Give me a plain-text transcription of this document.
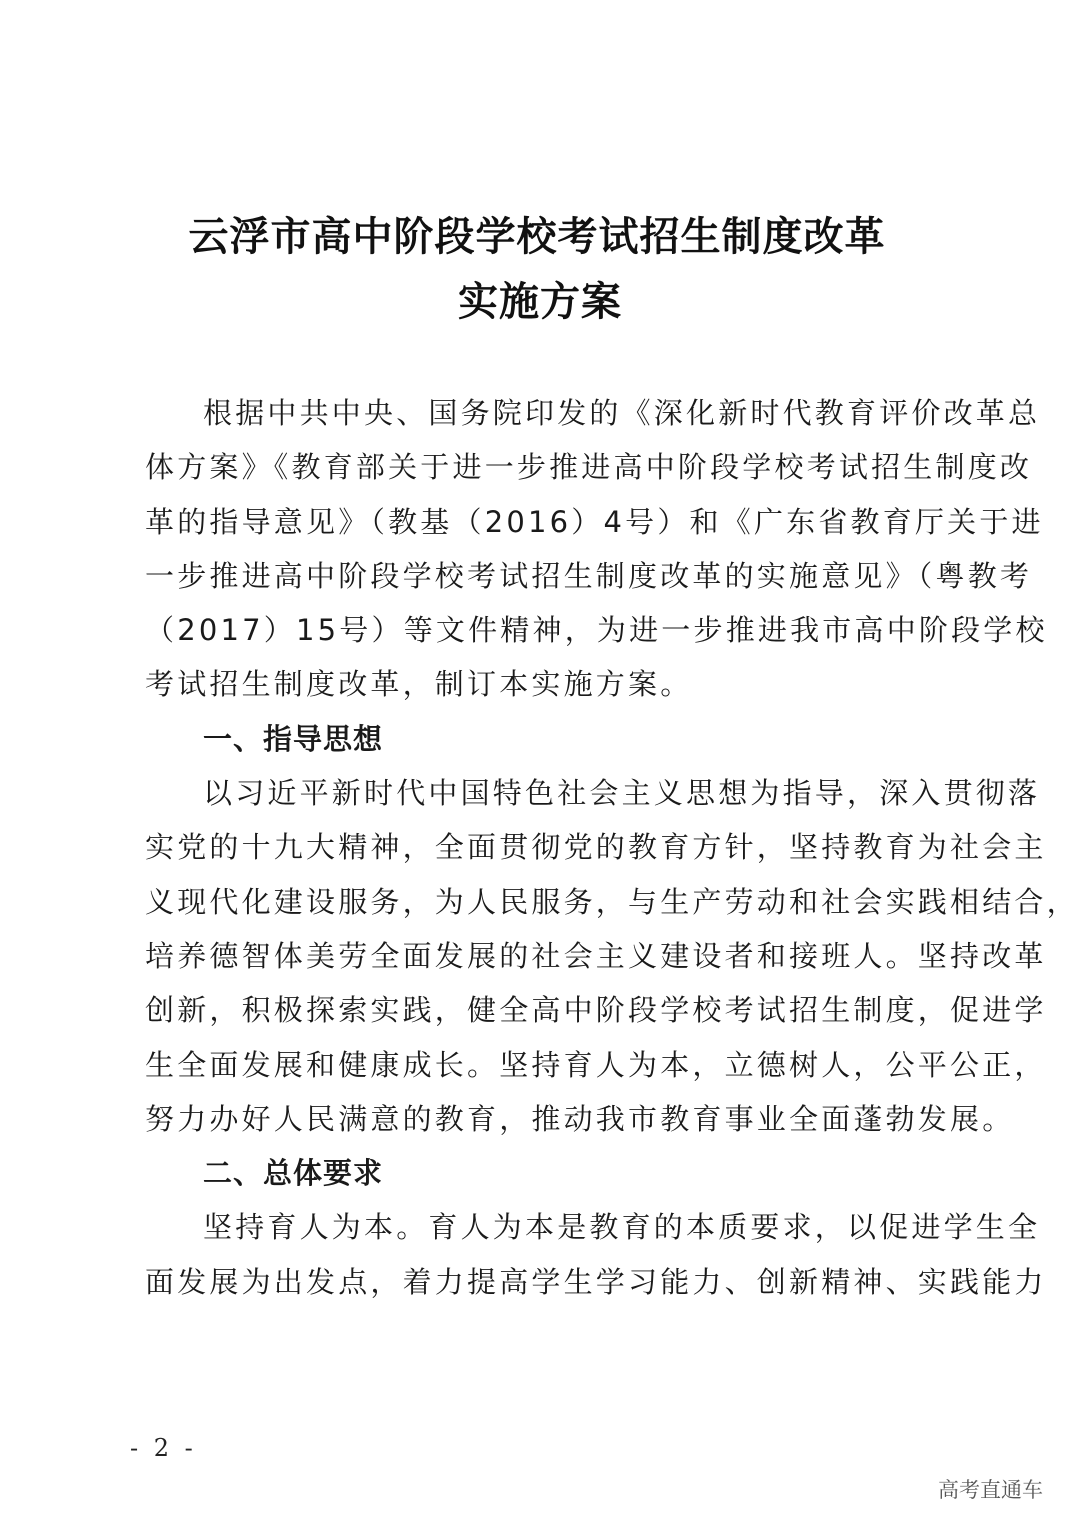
云浮市高中阶段学校考试招生制度改革
实施方案
根据中共中央、国务院印发的《深化新时代教育评价改革总
体方案》《教育部关于进一步推进高中阶段学校考试招生制度改
革的指导意见》（教基（2016）4号）和《广东省教育厅关于进
一步推进高中阶段学校考试招生制度改革的实施意见》（粤教考
（2017）15号）等文件精神，为进一步推进我市高中阶段学校
考试招生制度改革，制订本实施方案。
一、指导思想
以习近平新时代中国特色社会主义思想为指导，深入贯彻落
实党的十九大精神，全面贯彻党的教育方针，坚持教育为社会主
义现代化建设服务，为人民服务，与生产劳动和社会实践相结合，
培养德智体美劳全面发展的社会主义建设者和接班人。坚持改革
创新，积极探索实践，健全高中阶段学校考试招生制度，促进学
生全面发展和健康成长。坚持育人为本，立德树人，公平公正，
努力办好人民满意的教育，推动我市教育事业全面蓬勃发展。
二、总体要求
坚持育人为本。育人为本是教育的本质要求，以促进学生全
面发展为出发点，着力提高学生学习能力、创新精神、实践能力
- 2 -
高考直通车
